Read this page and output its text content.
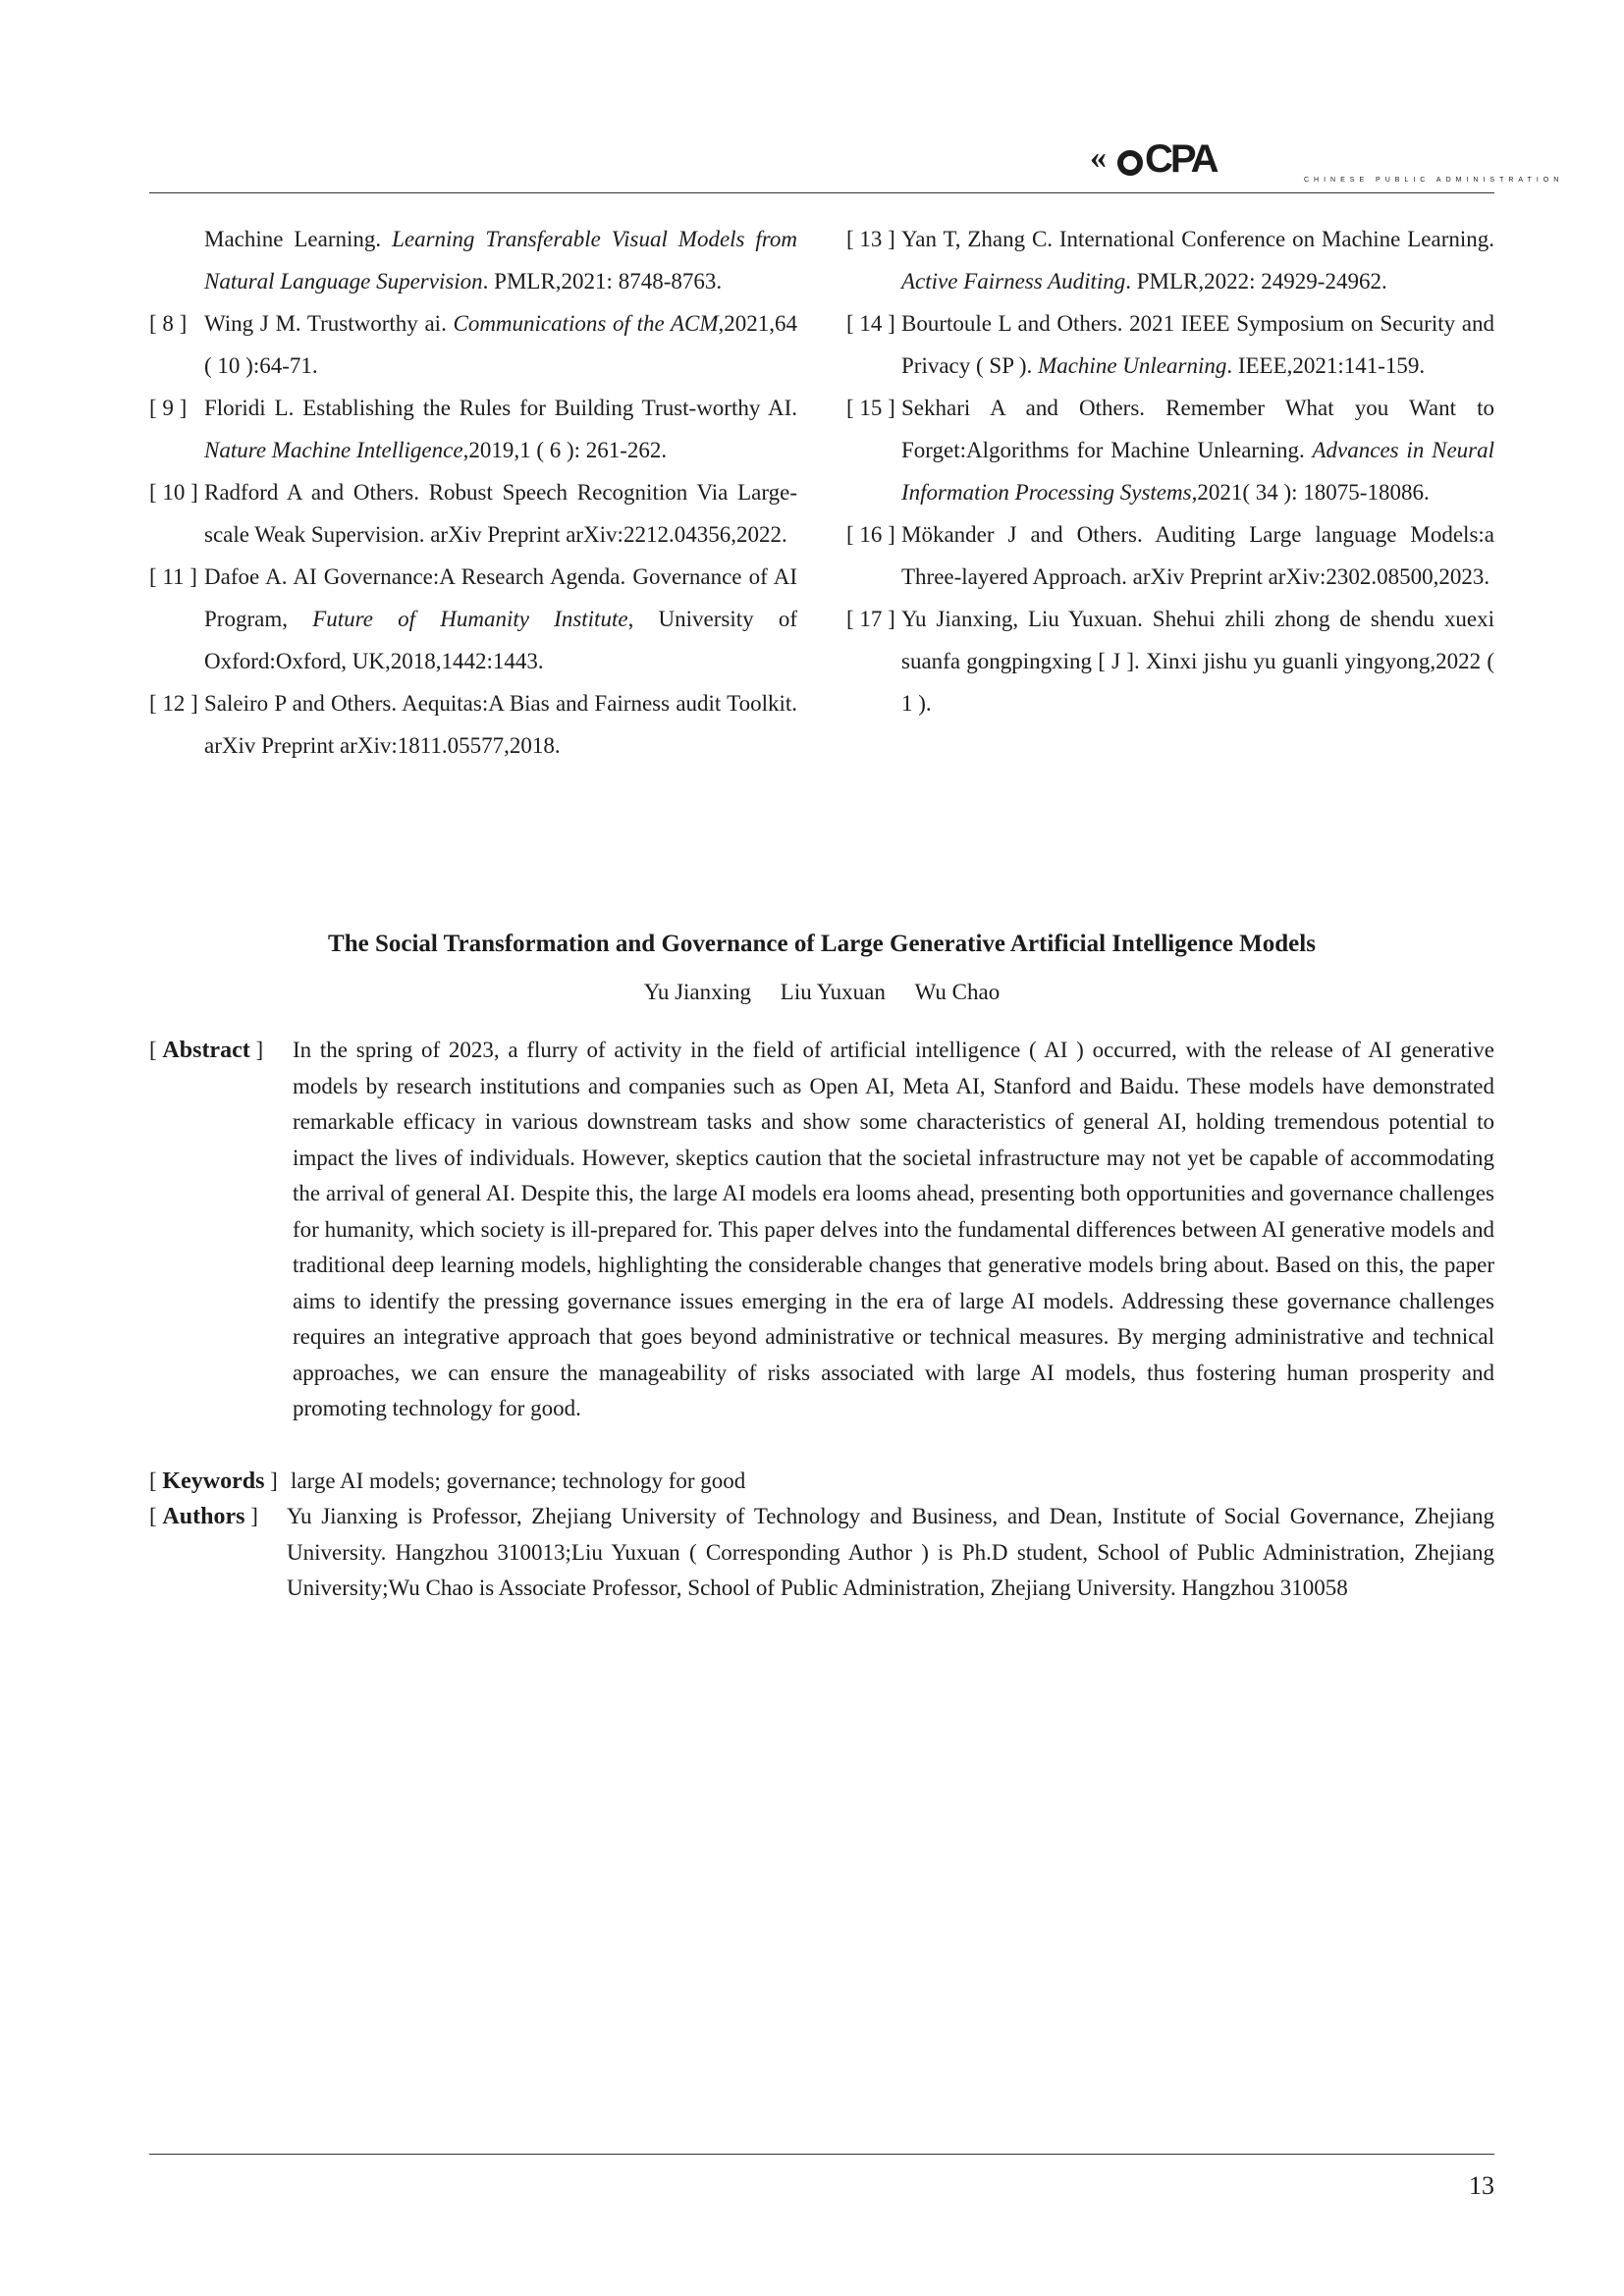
« CPA	CHINESE PUBLIC ADMINISTRATION

Machine Learning. Learning Transferable Visual Models from Natural Language Supervision. PMLR,2021: 8748-8763.

[ 8 ] Wing J M. Trustworthy ai. Communications of the ACM,2021,64 ( 10 ):64-71.

[ 9 ] Floridi L. Establishing the Rules for Building Trust-worthy AI. Nature Machine Intelligence,2019,1 ( 6 ): 261-262.

[ 10 ] Radford A and Others. Robust Speech Recognition Via Large-scale Weak Supervision. arXiv Preprint arXiv:2212.04356,2022.

[ 11 ] Dafoe A. AI Governance:A Research Agenda. Governance of AI Program, Future of Humanity Institute, University of Oxford:Oxford, UK,2018,1442:1443.

[ 12 ] Saleiro P and Others. Aequitas:A Bias and Fairness audit Toolkit. arXiv Preprint arXiv:1811.05577,2018.

[ 13 ] Yan T, Zhang C. International Conference on Machine Learning. Active Fairness Auditing. PMLR,2022: 24929-24962.

[ 14 ] Bourtoule L and Others. 2021 IEEE Symposium on Security and Privacy ( SP ). Machine Unlearning. IEEE,2021:141-159.

[ 15 ] Sekhari A and Others. Remember What you Want to Forget:Algorithms for Machine Unlearning. Advances in Neural Information Processing Systems,2021( 34 ): 18075-18086.

[ 16 ] Mökander J and Others. Auditing Large language Models:a Three-layered Approach. arXiv Preprint arXiv:2302.08500,2023.

[ 17 ] Yu Jianxing, Liu Yuxuan. Shehui zhili zhong de shendu xuexi suanfa gongpingxing [ J ]. Xinxi jishu yu guanli yingyong,2022 ( 1 ).

The Social Transformation and Governance of Large Generative Artificial Intelligence Models
Yu Jianxing Liu Yuxuan Wu Chao
[ Abstract ] In the spring of 2023, a flurry of activity in the field of artificial intelligence ( AI ) occurred, with the release of AI generative models by research institutions and companies such as Open AI, Meta AI, Stanford and Baidu. These models have demonstrated remarkable efficacy in various downstream tasks and show some characteristics of general AI, holding tremendous potential to impact the lives of individuals. However, skeptics caution that the societal infrastructure may not yet be capable of accommodating the arrival of general AI. Despite this, the large AI models era looms ahead, presenting both opportunities and governance challenges for humanity, which society is ill-prepared for. This paper delves into the fundamental differences between AI generative models and traditional deep learning models, highlighting the considerable changes that generative models bring about. Based on this, the paper aims to identify the pressing governance issues emerging in the era of large AI models. Addressing these governance challenges requires an integrative approach that goes beyond administrative or technical measures. By merging administrative and technical approaches, we can ensure the manageability of risks associated with large AI models, thus fostering human prosperity and promoting technology for good.
[ Keywords ] large AI models; governance; technology for good
[ Authors ] Yu Jianxing is Professor, Zhejiang University of Technology and Business, and Dean, Institute of Social Governance, Zhejiang University. Hangzhou 310013;Liu Yuxuan ( Corresponding Author ) is Ph.D student, School of Public Administration, Zhejiang University;Wu Chao is Associate Professor, School of Public Administration, Zhejiang University. Hangzhou 310058
13
